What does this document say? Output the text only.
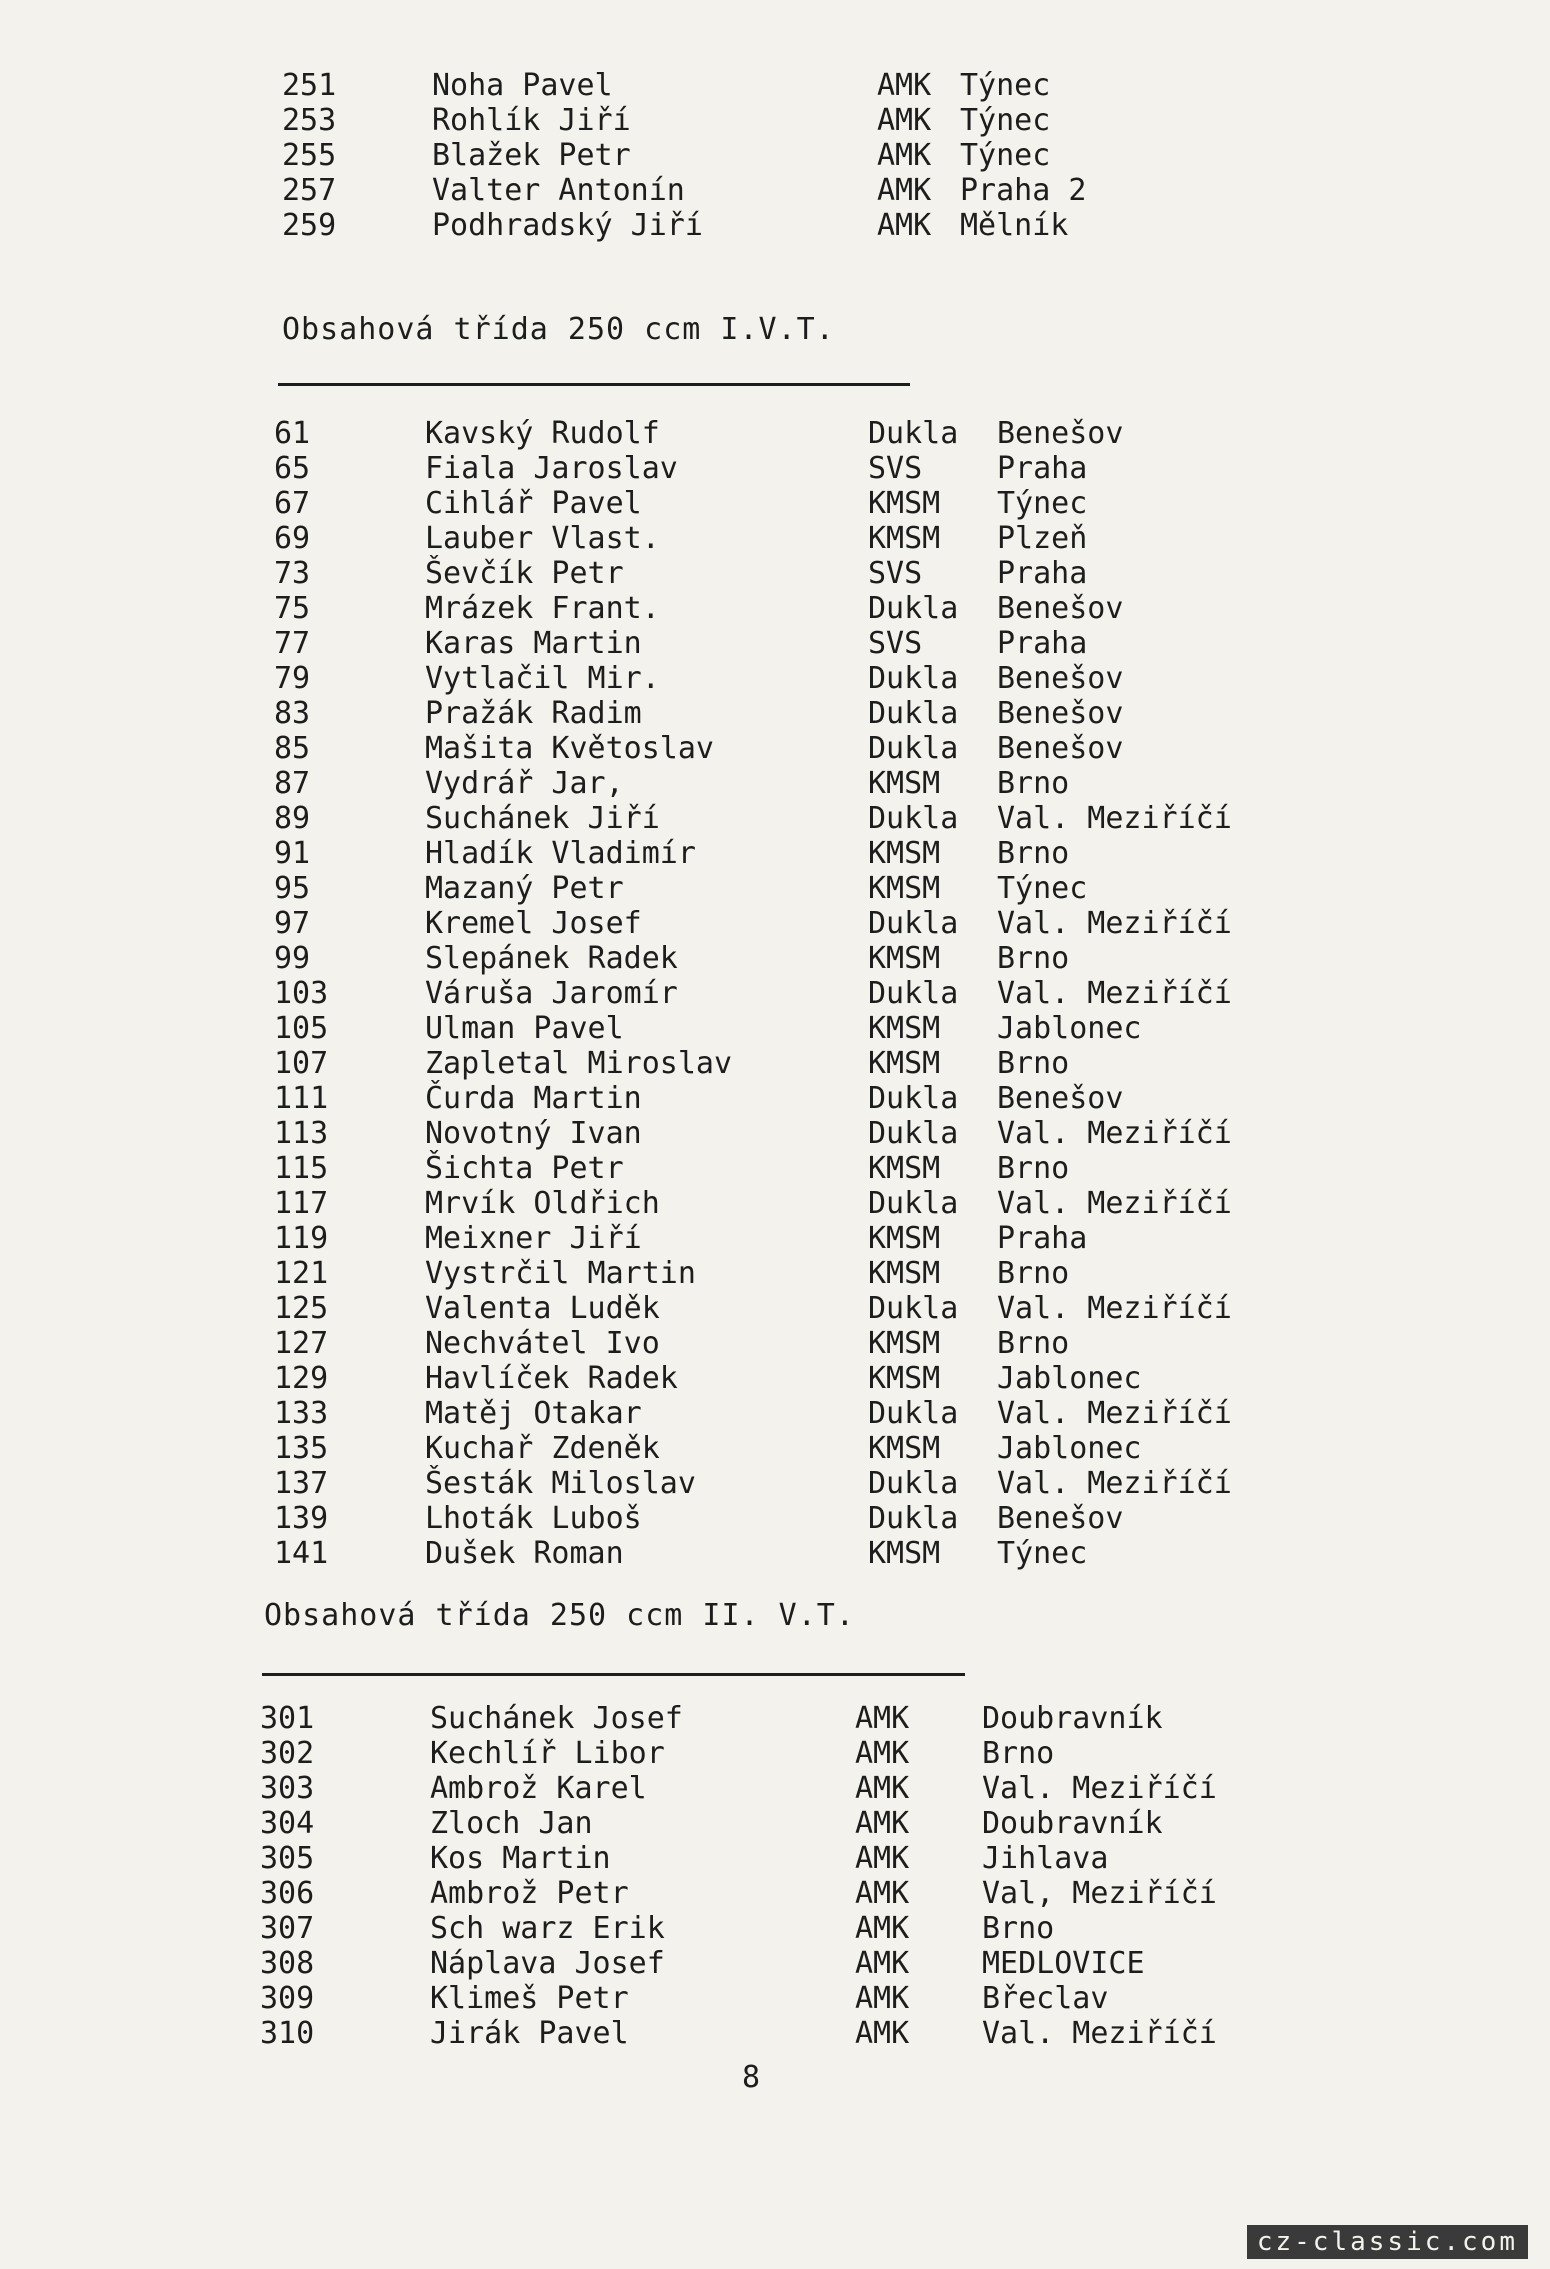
251	Noha Pavel	AMK Týnec
253	Rohlík Jiří	AMK Týnec
255	Blažek Petr	AMK Týnec
257	Valter Antonín	AMK Praha 2
259	Podhradský Jiří	AMK Mělník
Obsahová třída 250 ccm I.V.T.
61	Kavský Rudolf	Dukla Benešov
65	Fiala Jaroslav	SVS Praha
67	Cihlář Pavel	KMSM Týnec
69	Lauber Vlast.	KMSM Plzeň
73	Ševčík Petr	SVS Praha
75	Mrázek Frant.	Dukla Benešov
77	Karas Martin	SVS Praha
79	Vytlačil Mir.	Dukla Benešov
83	Pražák Radim	Dukla Benešov
85	Mašita Květoslav	Dukla Benešov
87	Vydrář Jar,	KMSM Brno
89	Suchánek Jiří	Dukla Val. Meziříčí
91	Hladík Vladimír	KMSM Brno
95	Mazaný Petr	KMSM Týnec
97	Kremel Josef	Dukla Val. Meziříčí
99	Slepánek Radek	KMSM Brno
103	Váruša Jaromír	Dukla Val. Meziříčí
105	Ulman Pavel	KMSM Jablonec
107	Zapletal Miroslav	KMSM Brno
111	Čurda Martin	Dukla Benešov
113	Novotný Ivan	Dukla Val. Meziříčí
115	Šichta Petr	KMSM Brno
117	Mrvík Oldřich	Dukla Val. Meziříčí
119	Meixner Jiří	KMSM Praha
121	Vystrčil Martin	KMSM Brno
125	Valenta Luděk	Dukla Val. Meziříčí
127	Nechvátel Ivo	KMSM Brno
129	Havlíček Radek	KMSM Jablonec
133	Matěj Otakar	Dukla Val. Meziříčí
135	Kuchař Zdeněk	KMSM Jablonec
137	Šesták Miloslav	Dukla Val. Meziříčí
139	Lhoták Luboš	Dukla Benešov
141	Dušek Roman	KMSM Týnec
Obsahová třída 250 ccm II. V.T.
301	Suchánek Josef	AMK Doubravník
302	Kechlíř Libor	AMK Brno
303	Ambrož Karel	AMK Val. Meziříčí
304	Zloch Jan	AMK Doubravník
305	Kos Martin	AMK Jihlava
306	Ambrož Petr	AMK Val, Meziříčí
307	Sch warz Erik	AMK Brno
308	Náplava Josef	AMK MEDLOVICE
309	Klimeš Petr	AMK Břeclav
310	Jirák Pavel	AMK Val. Meziříčí
8
cz-classic.com
